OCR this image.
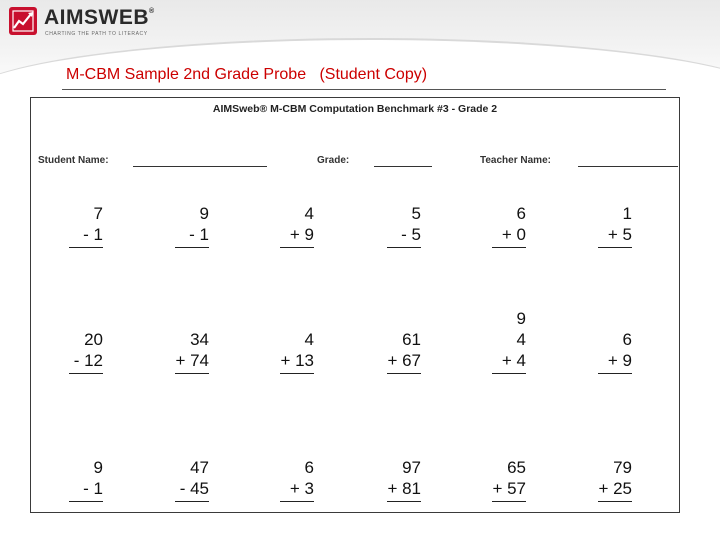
AIMSWEB®
CHARTING THE PATH TO LITERACY
M-CBM Sample 2nd Grade Probe   (Student Copy)
AIMSweb® M-CBM Computation Benchmark #3 - Grade 2
Student Name:	Grade:	Teacher Name:
7
- 1
9
- 1
4
+ 9
5
- 5
6
+ 0
1
+ 5
20
- 12
34
+ 74
4
+ 13
61
+ 67
9
4
+ 4
6
+ 9
9
- 1
47
- 45
6
+ 3
97
+ 81
65
+ 57
79
+ 25
